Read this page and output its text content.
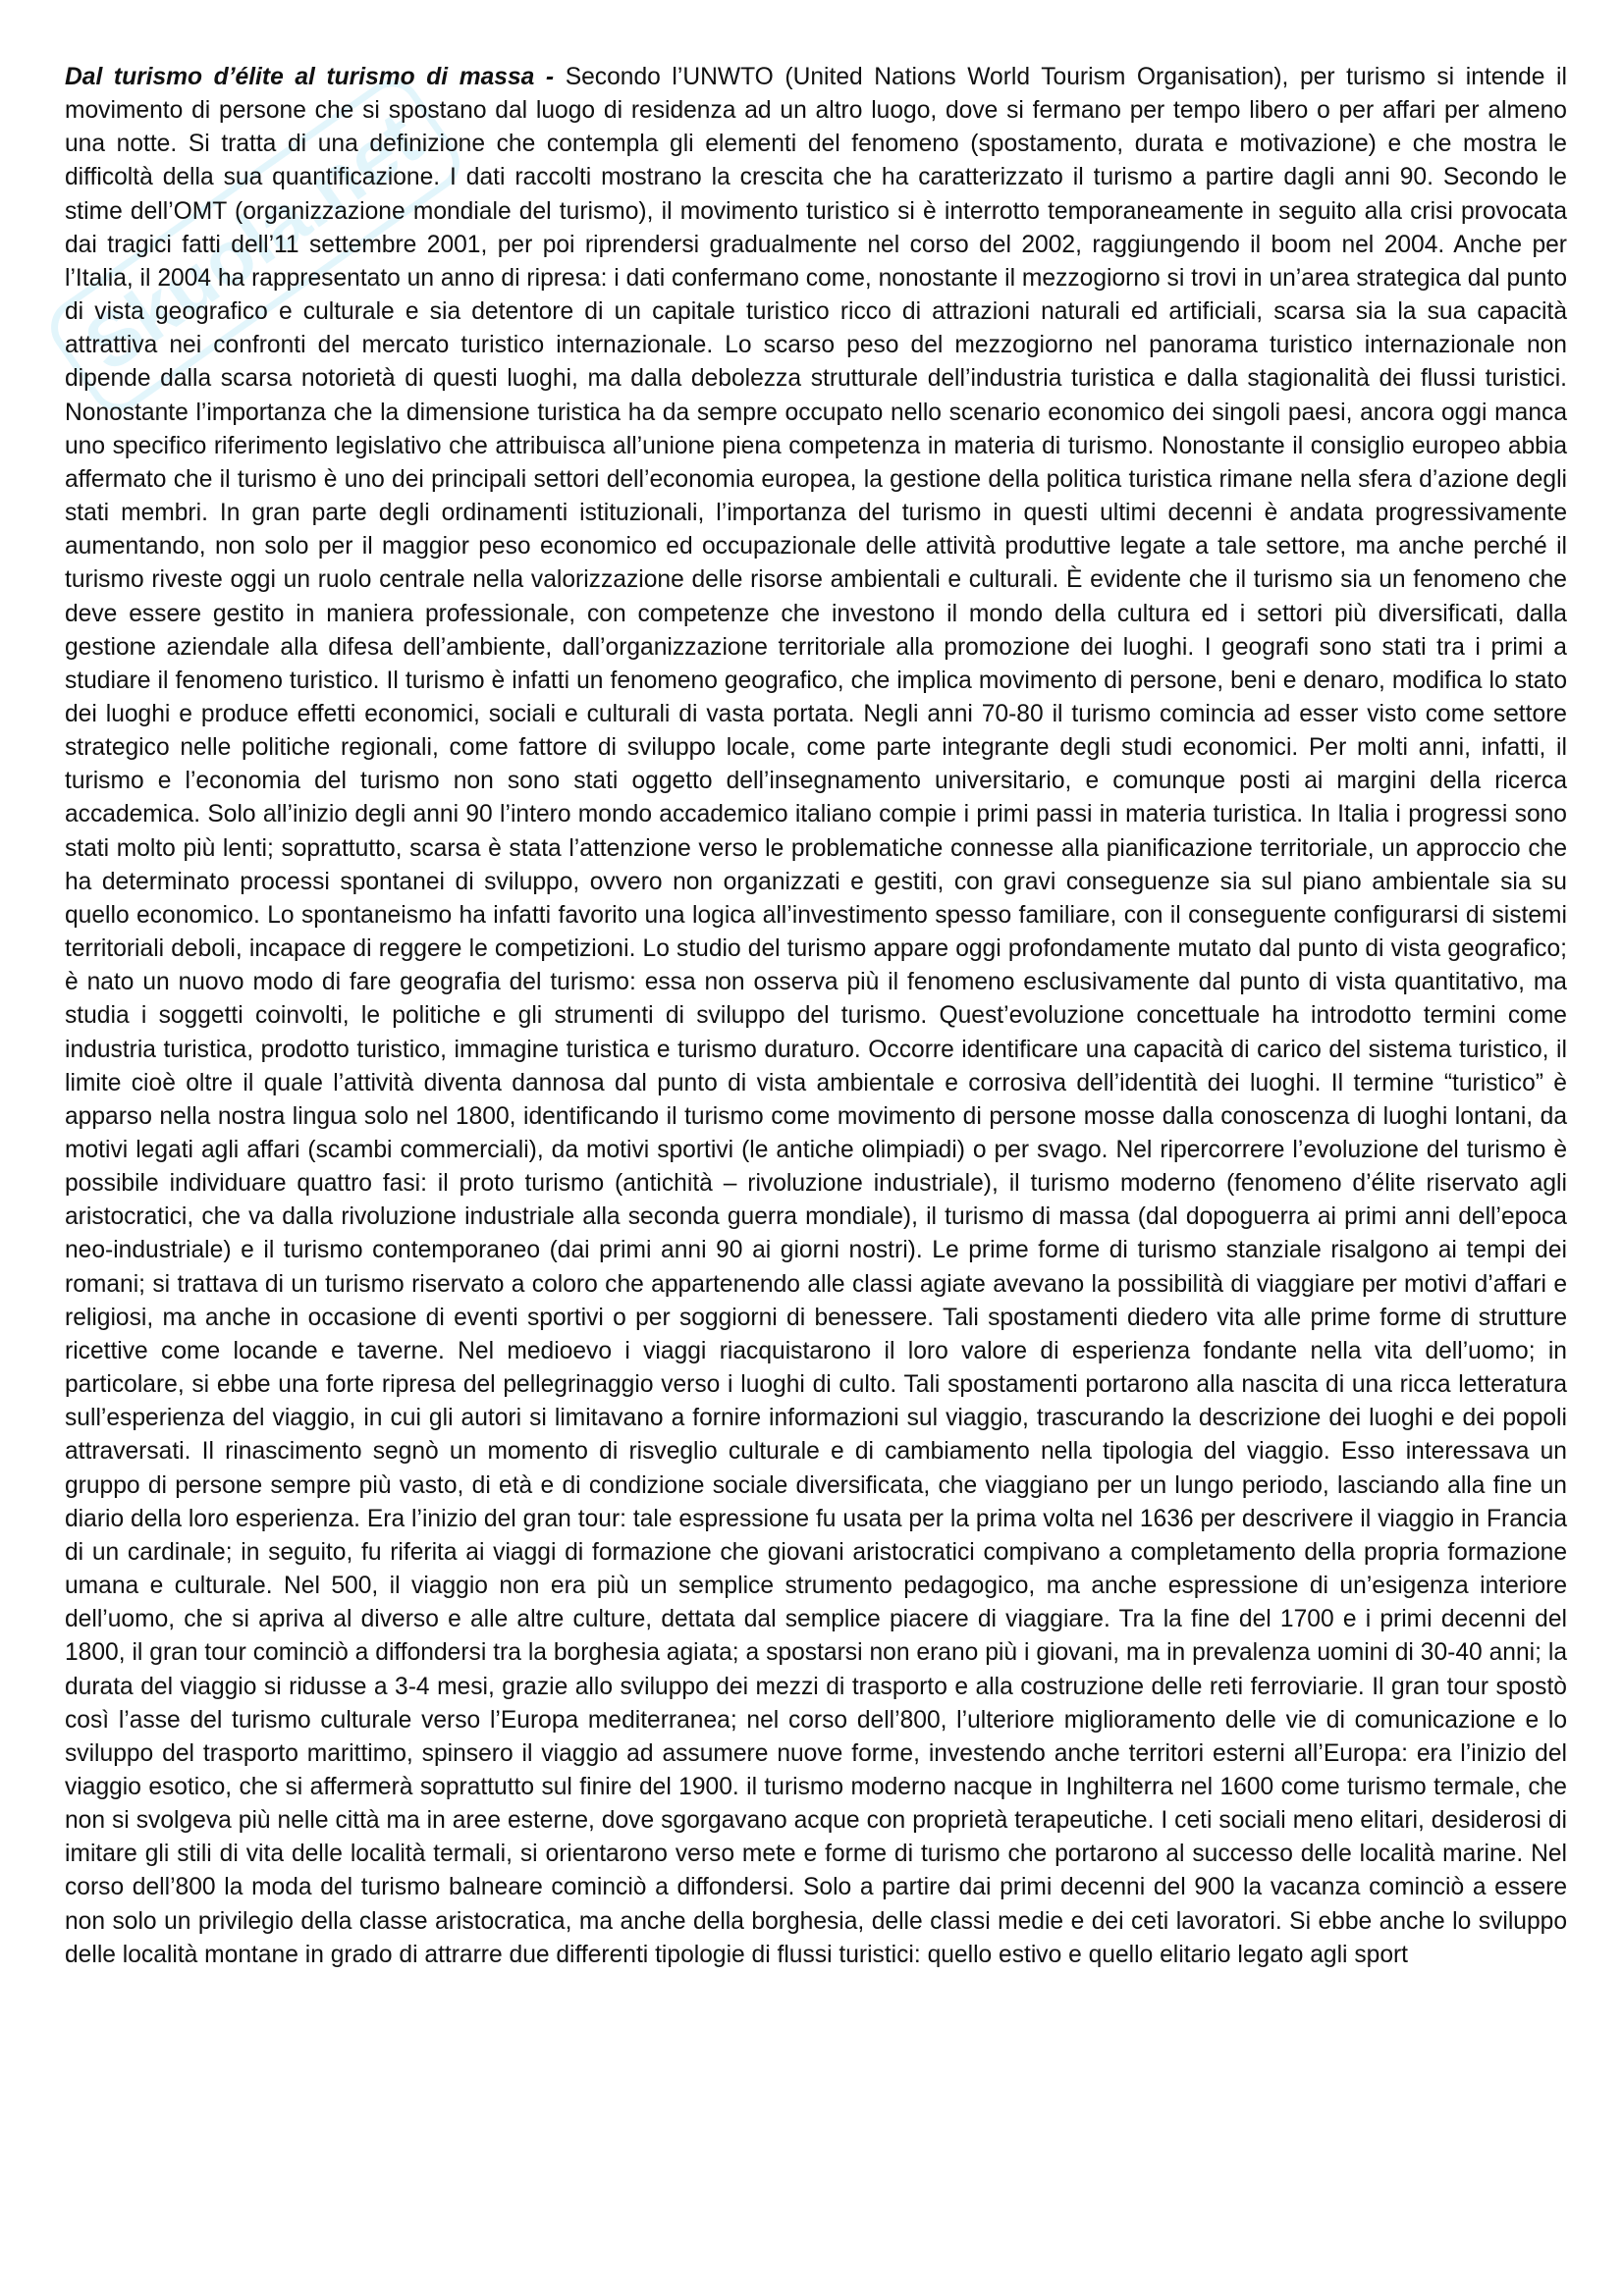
Skuola.net

Dal turismo d’élite al turismo di massa - Secondo l’UNWTO (United Nations World Tourism Organisation), per turismo si intende il movimento di persone che si spostano dal luogo di residenza ad un altro luogo, dove si fermano per tempo libero o per affari per almeno una notte. Si tratta di una definizione che contempla gli elementi del fenomeno (spostamento, durata e motivazione) e che mostra le difficoltà della sua quantificazione. I dati raccolti mostrano la crescita che ha caratterizzato il turismo a partire dagli anni 90. Secondo le stime dell’OMT (organizzazione mondiale del turismo), il movimento turistico si è interrotto temporaneamente in seguito alla crisi provocata dai tragici fatti dell’11 settembre 2001, per poi riprendersi gradualmente nel corso del 2002, raggiungendo il boom nel 2004. Anche per l’Italia, il 2004 ha rappresentato un anno di ripresa: i dati confermano come, nonostante il mezzogiorno si trovi in un’area strategica dal punto di vista geografico e culturale e sia detentore di un capitale turistico ricco di attrazioni naturali ed artificiali, scarsa sia la sua capacità attrattiva nei confronti del mercato turistico internazionale. Lo scarso peso del mezzogiorno nel panorama turistico internazionale non dipende dalla scarsa notorietà di questi luoghi, ma dalla debolezza strutturale dell’industria turistica e dalla stagionalità dei flussi turistici. Nonostante l’importanza che la dimensione turistica ha da sempre occupato nello scenario economico dei singoli paesi, ancora oggi manca uno specifico riferimento legislativo che attribuisca all’unione piena competenza in materia di turismo. Nonostante il consiglio europeo abbia affermato che il turismo è uno dei principali settori dell’economia europea, la gestione della politica turistica rimane nella sfera d’azione degli stati membri. In gran parte degli ordinamenti istituzionali, l’importanza del turismo in questi ultimi decenni è andata progressivamente aumentando, non solo per il maggior peso economico ed occupazionale delle attività produttive legate a tale settore, ma anche perché il turismo riveste oggi un ruolo centrale nella valorizzazione delle risorse ambientali e culturali. È evidente che il turismo sia un fenomeno che deve essere gestito in maniera professionale, con competenze che investono il mondo della cultura ed i settori più diversificati, dalla gestione aziendale alla difesa dell’ambiente, dall’organizzazione territoriale alla promozione dei luoghi. I geografi sono stati tra i primi a studiare il fenomeno turistico. Il turismo è infatti un fenomeno geografico, che implica movimento di persone, beni e denaro, modifica lo stato dei luoghi e produce effetti economici, sociali e culturali di vasta portata. Negli anni 70-80 il turismo comincia ad esser visto come settore strategico nelle politiche regionali, come fattore di sviluppo locale, come parte integrante degli studi economici. Per molti anni, infatti, il turismo e l’economia del turismo non sono stati oggetto dell’insegnamento universitario, e comunque posti ai margini della ricerca accademica. Solo all’inizio degli anni 90 l’intero mondo accademico italiano compie i primi passi in materia turistica. In Italia i progressi sono stati molto più lenti; soprattutto, scarsa è stata l’attenzione verso le problematiche connesse alla pianificazione territoriale, un approccio che ha determinato processi spontanei di sviluppo, ovvero non organizzati e gestiti, con gravi conseguenze sia sul piano ambientale sia su quello economico. Lo spontaneismo ha infatti favorito una logica all’investimento spesso familiare, con il conseguente configurarsi di sistemi territoriali deboli, incapace di reggere le competizioni. Lo studio del turismo appare oggi profondamente mutato dal punto di vista geografico; è nato un nuovo modo di fare geografia del turismo: essa non osserva più il fenomeno esclusivamente dal punto di vista quantitativo, ma studia i soggetti coinvolti, le politiche e gli strumenti di sviluppo del turismo. Quest’evoluzione concettuale ha introdotto termini come industria turistica, prodotto turistico, immagine turistica e turismo duraturo. Occorre identificare una capacità di carico del sistema turistico, il limite cioè oltre il quale l’attività diventa dannosa dal punto di vista ambientale e corrosiva dell’identità dei luoghi. Il termine “turistico” è apparso nella nostra lingua solo nel 1800, identificando il turismo come movimento di persone mosse dalla conoscenza di luoghi lontani, da motivi legati agli affari (scambi commerciali), da motivi sportivi (le antiche olimpiadi) o per svago. Nel ripercorrere l’evoluzione del turismo è possibile individuare quattro fasi: il proto turismo (antichità – rivoluzione industriale), il turismo moderno (fenomeno d’élite riservato agli aristocratici, che va dalla rivoluzione industriale alla seconda guerra mondiale), il turismo di massa (dal dopoguerra ai primi anni dell’epoca neo-industriale) e il turismo contemporaneo (dai primi anni 90 ai giorni nostri). Le prime forme di turismo stanziale risalgono ai tempi dei romani; si trattava di un turismo riservato a coloro che appartenendo alle classi agiate avevano la possibilità di viaggiare per motivi d’affari e religiosi, ma anche in occasione di eventi sportivi o per soggiorni di benessere. Tali spostamenti diedero vita alle prime forme di strutture ricettive come locande e taverne. Nel medioevo i viaggi riacquistarono il loro valore di esperienza fondante nella vita dell’uomo; in particolare, si ebbe una forte ripresa del pellegrinaggio verso i luoghi di culto. Tali spostamenti portarono alla nascita di una ricca letteratura sull’esperienza del viaggio, in cui gli autori si limitavano a fornire informazioni sul viaggio, trascurando la descrizione dei luoghi e dei popoli attraversati. Il rinascimento segnò un momento di risveglio culturale e di cambiamento nella tipologia del viaggio. Esso interessava un gruppo di persone sempre più vasto, di età e di condizione sociale diversificata, che viaggiano per un lungo periodo, lasciando alla fine un diario della loro esperienza. Era l’inizio del gran tour: tale espressione fu usata per la prima volta nel 1636 per descrivere il viaggio in Francia di un cardinale; in seguito, fu riferita ai viaggi di formazione che giovani aristocratici compivano a completamento della propria formazione umana e culturale. Nel 500, il viaggio non era più un semplice strumento pedagogico, ma anche espressione di un’esigenza interiore dell’uomo, che si apriva al diverso e alle altre culture, dettata dal semplice piacere di viaggiare. Tra la fine del 1700 e i primi decenni del 1800, il gran tour cominciò a diffondersi tra la borghesia agiata; a spostarsi non erano più i giovani, ma in prevalenza uomini di 30-40 anni; la durata del viaggio si ridusse a 3-4 mesi, grazie allo sviluppo dei mezzi di trasporto e alla costruzione delle reti ferroviarie. Il gran tour spostò così l’asse del turismo culturale verso l’Europa mediterranea; nel corso dell’800, l’ulteriore miglioramento delle vie di comunicazione e lo sviluppo del trasporto marittimo, spinsero il viaggio ad assumere nuove forme, investendo anche territori esterni all’Europa: era l’inizio del viaggio esotico, che si affermerà soprattutto sul finire del 1900. il turismo moderno nacque in Inghilterra nel 1600 come turismo termale, che non si svolgeva più nelle città ma in aree esterne, dove sgorgavano acque con proprietà terapeutiche. I ceti sociali meno elitari, desiderosi di imitare gli stili di vita delle località termali, si orientarono verso mete e forme di turismo che portarono al successo delle località marine. Nel corso dell’800 la moda del turismo balneare cominciò a diffondersi. Solo a partire dai primi decenni del 900 la vacanza cominciò a essere non solo un privilegio della classe aristocratica, ma anche della borghesia, delle classi medie e dei ceti lavoratori. Si ebbe anche lo sviluppo delle località montane in grado di attrarre due differenti tipologie di flussi turistici: quello estivo e quello elitario legato agli sport
